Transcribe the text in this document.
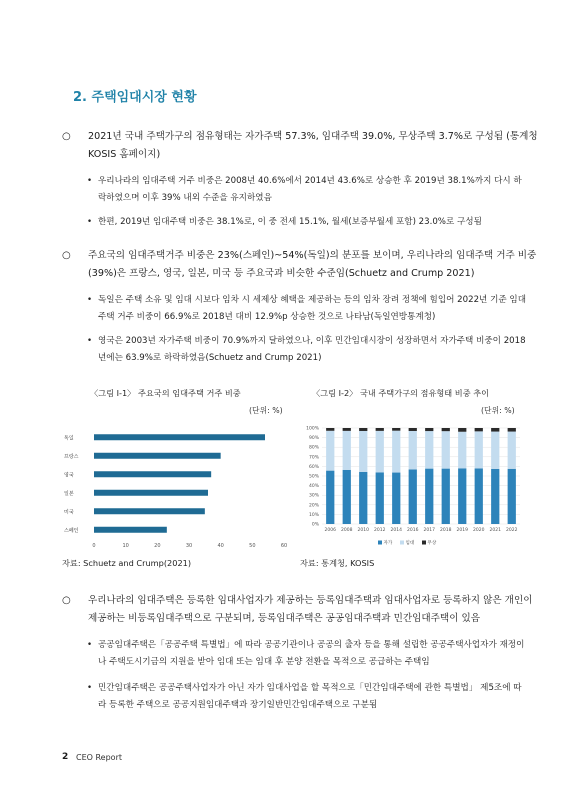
2. 주택임대시장 현황
○ 2021년 국내 주택가구의 점유형태는 자가주택 57.3%, 임대주택 39.0%, 무상주택 3.7%로 구성됨 (통계청 KOSIS 홈페이지)
• 우리나라의 임대주택 거주 비중은 2008년 40.6%에서 2014년 43.6%로 상승한 후 2019년 38.1%까지 다시 하락하였으며 이후 39% 내외 수준을 유지하였음
• 한편, 2019년 임대주택 비중은 38.1%로, 이 중 전세 15.1%, 월세(보증부월세 포함) 23.0%로 구성됨
○ 주요국의 임대주택거주 비중은 23%(스페인)~54%(독일)의 분포를 보이며, 우리나라의 임대주택 거주 비중(39%)은 프랑스, 영국, 일본, 미국 등 주요국과 비슷한 수준임(Schuetz and Crump 2021)
• 독일은 주택 소유 및 임대 시보다 임차 시 세제상 혜택을 제공하는 등의 임차 장려 정책에 힘입어 2022년 기준 임대주택 거주 비중이 66.9%로 2018년 대비 12.9%p 상승한 것으로 나타남(독일연방통계청)
• 영국은 2003년 자가주택 비중이 70.9%까지 달하였으나, 이후 민간임대시장이 성장하면서 자가주택 비중이 2018년에는 63.9%로 하락하였음(Schuetz and Crump 2021)
〈그림 Ⅰ-1〉 주요국의 임대주택 거주 비중
(단위: %)
〈그림 Ⅰ-2〉 국내 주택가구의 점유형태 비중 추이
(단위: %)
독일
프랑스
영국
일본
미국
스페인
0	10	20	30	40	50	60
0%
10%
20%
30%
40%
50%
60%
70%
80%
90%
100%
2006 2008 2010 2012 2014 2016 2017 2018 2019 2020 2021 2022
자가	임대	무상
자료: Schuetz and Crump(2021)	자료: 통계청, KOSIS
○ 우리나라의 임대주택은 등록한 임대사업자가 제공하는 등록임대주택과 임대사업자로 등록하지 않은 개인이 제공하는 비등록임대주택으로 구분되며, 등록임대주택은 공공임대주택과 민간임대주택이 있음
• 공공임대주택은「공공주택 특별법」에 따라 공공기관이나 공공의 출자 등을 통해 설립한 공공주택사업자가 재정이나 주택도시기금의 지원을 받아 임대 또는 임대 후 분양 전환을 목적으로 공급하는 주택임
• 민간임대주택은 공공주택사업자가 아닌 자가 임대사업을 할 목적으로「민간임대주택에 관한 특별법」 제5조에 따라 등록한 주택으로 공공지원임대주택과 장기일반민간임대주택으로 구분됨
2 CEO Report
